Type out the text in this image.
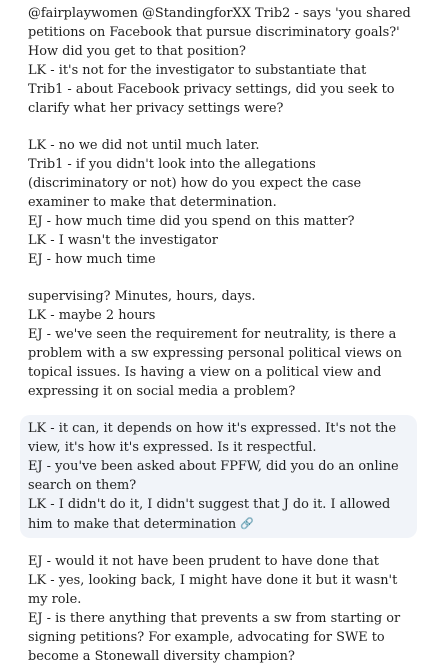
@fairplaywomen @StandingforXX Trib2 - says 'you shared petitions on Facebook that pursue discriminatory goals?' How did you get to that position?
LK - it's not for the investigator to substantiate that
Trib1 - about Facebook privacy settings, did you seek to clarify what her privacy settings were?
LK - no we did not until much later.
Trib1 - if you didn't look into the allegations (discriminatory or not) how do you expect the case examiner to make that determination.
EJ - how much time did you spend on this matter?
LK - I wasn't the investigator
EJ - how much time
supervising? Minutes, hours, days.
LK - maybe 2 hours
EJ - we've seen the requirement for neutrality, is there a problem with a sw expressing personal political views on topical issues. Is having a view on a political view and expressing it on social media a problem?
LK - it can, it depends on how it's expressed. It's not the view, it's how it's expressed. Is it respectful.
EJ - you've been asked about FPFW, did you do an online search on them?
LK - I didn't do it, I didn't suggest that J do it. I allowed him to make that determination 🔗
EJ - would it not have been prudent to have done that
LK - yes, looking back, I might have done it but it wasn't my role.
EJ - is there anything that prevents a sw from starting or signing petitions? For example, advocating for SWE to become a Stonewall diversity champion?
